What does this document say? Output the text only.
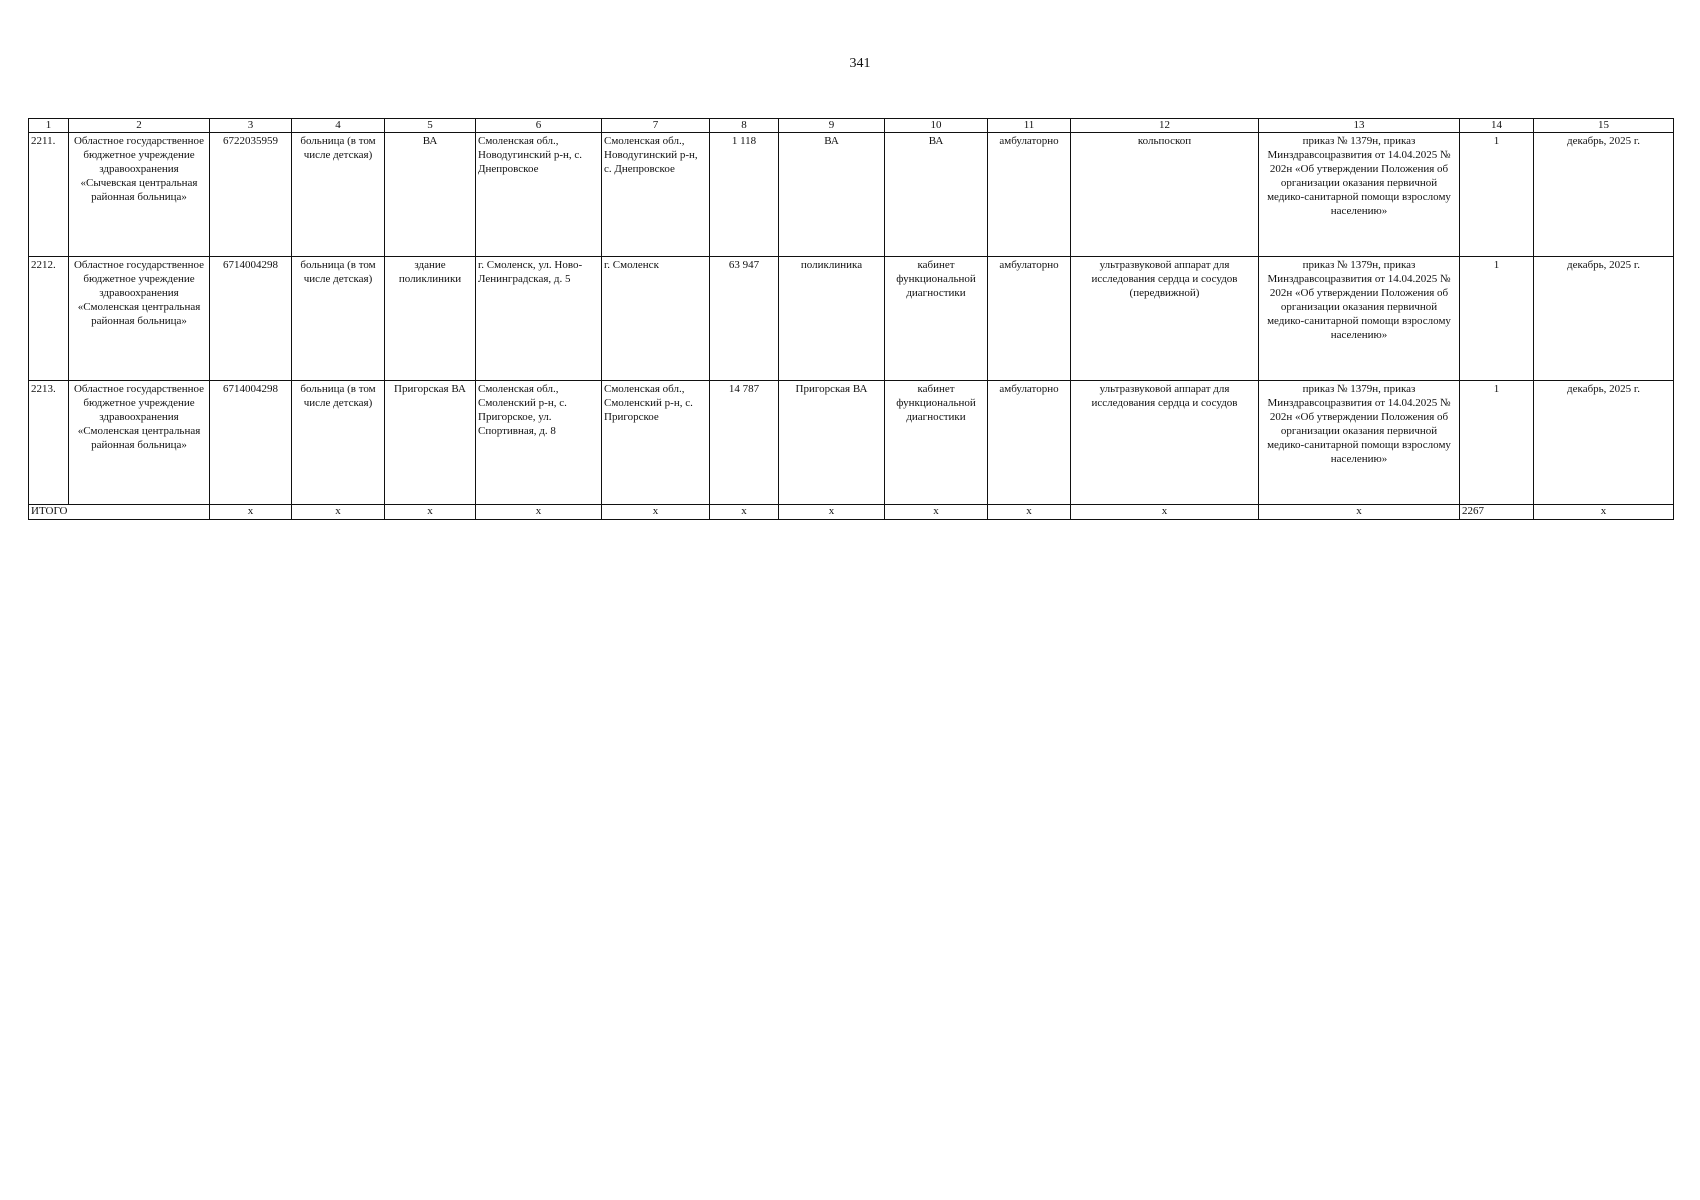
341
1	2	3	4	5	6	7	8	9	10	11	12	13	14	15
2211.	Областное государственное бюджетное учреждение здравоохранения «Сычевская центральная районная больница»	6722035959	больница (в том числе детская)	ВА	Смоленская обл., Новодугинский р-н, с. Днепровское	Смоленская обл., Новодугинский р-н, с. Днепровское	1 118	ВА	ВА	амбулаторно	кольпоскоп	приказ № 1379н, приказ Минздравсоцразвития от 14.04.2025 № 202н «Об утверждении Положения об организации оказания первичной медико-санитарной помощи взрослому населению»	1	декабрь, 2025 г.
2212.	Областное государственное бюджетное учреждение здравоохранения «Смоленская центральная районная больница»	6714004298	больница (в том числе детская)	здание поликлиники	г. Смоленск, ул. Ново-Ленинградская, д. 5	г. Смоленск	63 947	поликлиника	кабинет функциональной диагностики	амбулаторно	ультразвуковой аппарат для исследования сердца и сосудов (передвижной)	приказ № 1379н, приказ Минздравсоцразвития от 14.04.2025 № 202н «Об утверждении Положения об организации оказания первичной медико-санитарной помощи взрослому населению»	1	декабрь, 2025 г.
2213.	Областное государственное бюджетное учреждение здравоохранения «Смоленская центральная районная больница»	6714004298	больница (в том числе детская)	Пригорская ВА	Смоленская обл., Смоленский р-н, с. Пригорское, ул. Спортивная, д. 8	Смоленская обл., Смоленский р-н, с. Пригорское	14 787	Пригорская ВА	кабинет функциональной диагностики	амбулаторно	ультразвуковой аппарат для исследования сердца и сосудов	приказ № 1379н, приказ Минздравсоцразвития от 14.04.2025 № 202н «Об утверждении Положения об организации оказания первичной медико-санитарной помощи взрослому населению»	1	декабрь, 2025 г.
ИТОГО		x	x	x	x	x	x	x	x	x	x	x	2267	x
